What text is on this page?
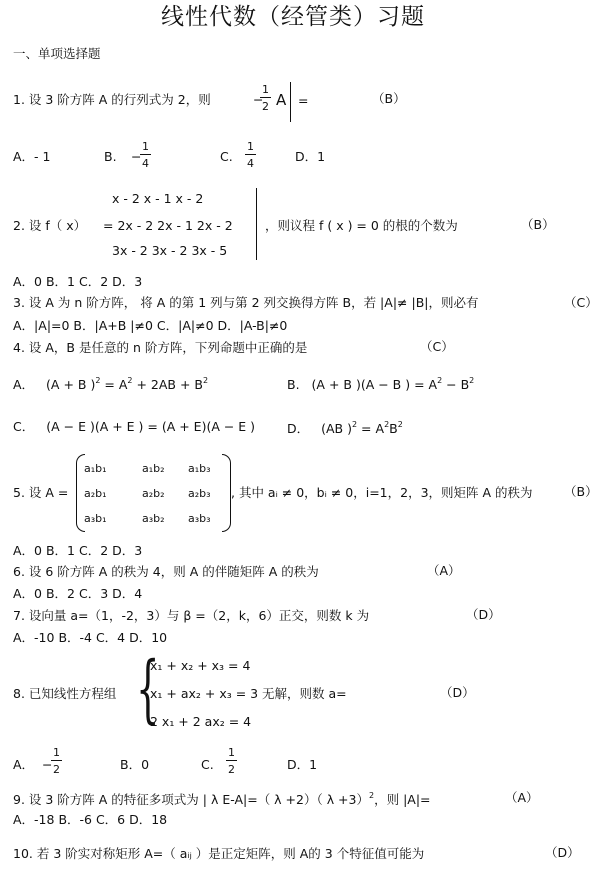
线性代数（经管类）习题
一、单项选择题
1. 设 3 阶方阵 A 的行列式为 2，则	−
$\frac{1}{2}$ A =	（B）
A．- 1	B. −
$\frac{1}{4}$	C. $\frac{1}{4}$	D．1
x - 2 x - 1 x - 2
2. 设 f（ x） = 2x - 2 2x - 1 2x - 2
3x - 2 3x - 2 3x - 5
，则议程 f ( x ) = 0 的根的个数为	（B）
A．0 B．1 C．2 D．3
3. 设 A 为 n 阶方阵， 将 A 的第 1 列与第 2 列交换得方阵 B，若 |A|≠ |B|，则必有	（C）
A．|A|=0 B．|A+B |≠0 C．|A|≠0 D．|A-B|≠0
4. 设 A，B 是任意的 n 阶方阵，下列命题中正确的是	（C）
A． (A + B )$^2 = A^2 + 2AB + B^2$	B. (A + B )(A − B ) = $A^2 - B^2$
C． (A − E )(A + E ) = (A + E)(A − E )	D． (AB )$^2 = A^2B^2$
5. 设 A =
a₁b₁	a₁b₂ a₁b₃
a₂b₁	a₂b₂ a₂b₃
a₃b₁	a₃b₂ a₃b₃
, 其中 aᵢ ≠ 0，bᵢ ≠ 0，i=1，2，3，则矩阵 A 的秩为	（B）
A．0 B．1 C．2 D．3
6. 设 6 阶方阵 A 的秩为 4，则 A 的伴随矩阵 A 的秩为	（A）
A．0 B．2 C．3 D．4
7. 设向量 a=（1，-2，3）与 β =（2，k，6）正交，则数 k 为	（D）
A．-10 B．-4 C．4 D．10
8. 已知线性方程组 {
x₁ + x₂ + x₃ = 4
x₁ + ax₂ + x₃ = 3
2 x₁ + 2 ax₂ = 4
无解，则数 a=	（D）
A． −
$\frac{1}{2}$	B．0	C. $\frac{1}{2}$	D．1
9. 设 3 阶方阵 A 的特征多项式为 | λ E-A|=（ λ +2）（ λ +3）$^2$，则 |A|=	（A）
A．-18 B．-6 C．6 D．18
10. 若 3 阶实对称矩形 A=（ aᵢⱼ ）是正定矩阵，则 A的 3 个特征值可能为	（D）
